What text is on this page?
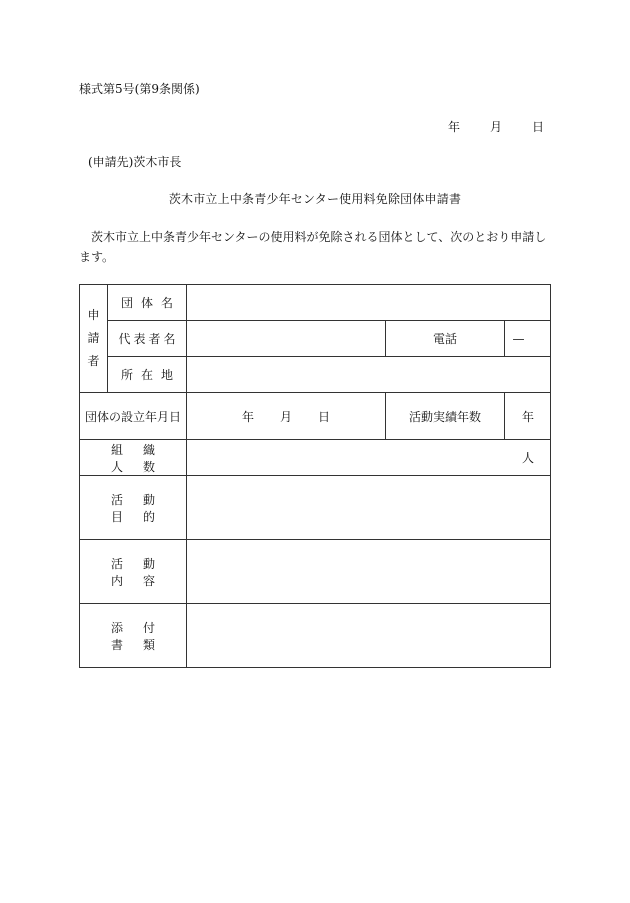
様式第5号(第9条関係)
年	月	日
(申請先)茨木市長
茨木市立上中条青少年センター使用料免除団体申請書
茨木市立上中条青少年センターの使用料が免除される団体として、次のとおり申請します。
申
請
者	団体名			
	代表者名		電話	—
	所在地			
団体の設立年月日		年 月 日	活動実績年数	年
組織人数		人		
活動目的				
活動内容				
添付書類				
